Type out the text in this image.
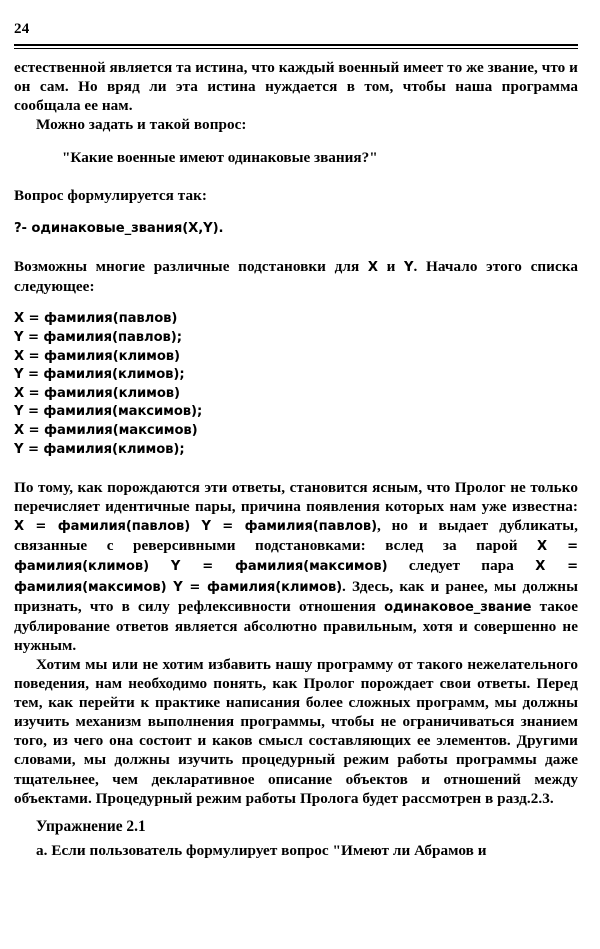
24

естественной является та истина, что каждый военный имеет то же звание, что и он сам. Но вряд ли эта истина нуждается в том, чтобы наша программа сообщала ее нам.

Можно задать и такой вопрос:

"Какие военные имеют одинаковые звания?"

Вопрос формулируется так:

?- одинаковые_звания(X,Y).

Возможны многие различные подстановки для X и Y. Начало этого списка следующее:

X = фамилия(павлов)

Y = фамилия(павлов);

X = фамилия(климов)

Y = фамилия(климов);

X = фамилия(климов)

Y = фамилия(максимов);

X = фамилия(максимов)

Y = фамилия(климов);

По тому, как порождаются эти ответы, становится ясным, что Пролог не только перечисляет идентичные пары, причина появления которых нам уже известна: X = фамилия(павлов) Y = фамилия(павлов), но и выдает дубликаты, связанные с реверсивными подстановками: вслед за парой X = фамилия(климов) Y = фамилия(максимов) следует пара X = фамилия(максимов) Y = фамилия(климов). Здесь, как и ранее, мы должны признать, что в силу рефлексивности отношения одинаковое_звание такое дублирование ответов является абсолютно правильным, хотя и совершенно не нужным.

Хотим мы или не хотим избавить нашу программу от такого нежелательного поведения, нам необходимо понять, как Пролог порождает свои ответы. Перед тем, как перейти к практике написания более сложных программ, мы должны изучить механизм выполнения программы, чтобы не ограничиваться знанием того, из чего она состоит и каков смысл составляющих ее элементов. Другими словами, мы должны изучить процедурный режим работы программы даже тщательнее, чем декларативное описание объектов и отношений между объектами. Процедурный режим работы Пролога будет рассмотрен в разд.2.3.

Упражнение 2.1

a. Если пользователь формулирует вопрос "Имеют ли Абрамов и
